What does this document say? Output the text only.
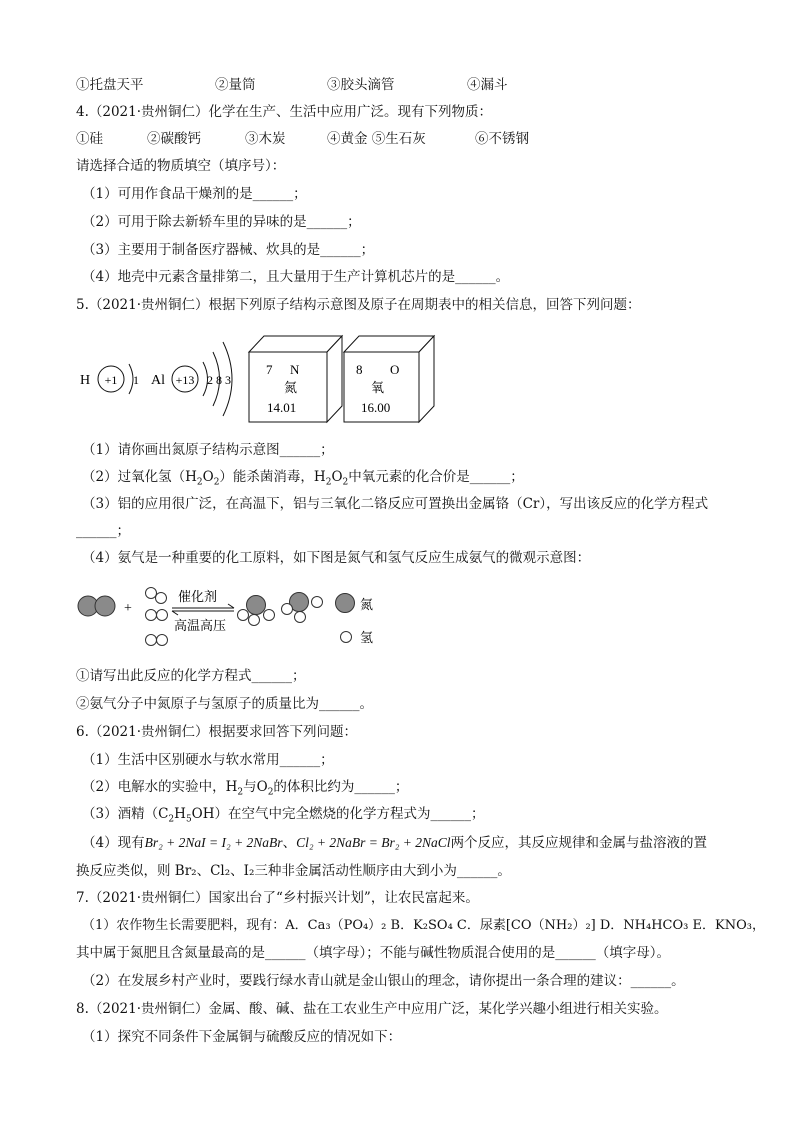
①托盘天平	②量筒	③胶头滴管	④漏斗
4.（2021·贵州铜仁）化学在生产、生活中应用广泛。现有下列物质：
①硅	②碳酸钙	③木炭	④黄金 ⑤生石灰	⑥不锈钢
请选择合适的物质填空（填序号）：
（1）可用作食品干燥剂的是______；
（2）可用于除去新轿车里的异味的是______；
（3）主要用于制备医疗器械、炊具的是______；
（4）地壳中元素含量排第二，且大量用于生产计算机芯片的是______。
5.（2021·贵州铜仁）根据下列原子结构示意图及原子在周期表中的相关信息，回答下列问题：
H +1 1 Al +13 2 8 3
7 N
氮
14.01
8 O
氧
16.00
（1）请你画出氮原子结构示意图______；
（2）过氧化氢$(H_2O_2)$能杀菌消毒，$H_2O_2$中氧元素的化合价是______；
（3）铝的应用很广泛，在高温下，铝与三氧化二铬反应可置换出金属铬（Cr），写出该反应的化学方程式
______；
（4）氨气是一种重要的化工原料，如下图是氮气和氢气反应生成氨气的微观示意图：
+
催化剂
高温高压
氮
氢
①请写出此反应的化学方程式______；
②氨气分子中氮原子与氢原子的质量比为______。
6.（2021·贵州铜仁）根据要求回答下列问题：
（1）生活中区别硬水与软水常用______；
（2）电解水的实验中，$H_2$与$O_2$的体积比约为______；
（3）酒精$(C_2H_5OH)$在空气中完全燃烧的化学方程式为______；
（4）现有Br₂ + 2NaI = I₂ + 2NaBr、Cl₂ + 2NaBr = Br₂ + 2NaCl两个反应，其反应规律和金属与盐溶液的置
换反应类似，则 Br₂、Cl₂、I₂三种非金属活动性顺序由大到小为______。
7.（2021·贵州铜仁）国家出台了“乡村振兴计划”，让农民富起来。
（1）农作物生长需要肥料，现有：A．Ca₃（PO₄）₂ B．K₂SO₄ C．尿素[CO（NH₂）₂] D．NH₄HCO₃ E．KNO₃，
其中属于氮肥且含氮量最高的是______（填字母）；不能与碱性物质混合使用的是______（填字母）。
（2）在发展乡村产业时，要践行绿水青山就是金山银山的理念，请你提出一条合理的建议：______。
8.（2021·贵州铜仁）金属、酸、碱、盐在工农业生产中应用广泛，某化学兴趣小组进行相关实验。
（1）探究不同条件下金属铜与硫酸反应的情况如下：
